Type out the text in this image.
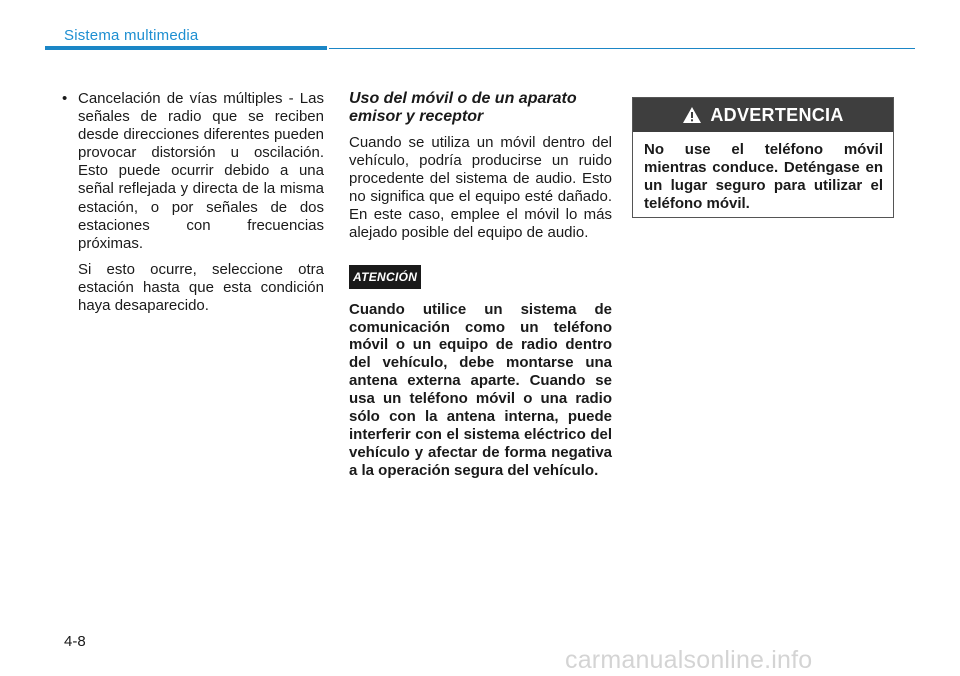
Sistema multimedia
• Cancelación de vías múltiples - Las señales de radio que se reciben desde direcciones diferentes pueden provocar distorsión u oscilación. Esto puede ocurrir debido a una señal reflejada y directa de la misma estación, o por señales de dos estaciones con frecuencias próximas.
Si esto ocurre, seleccione otra estación hasta que esta condición haya desaparecido.
Uso del móvil o de un aparato emisor y receptor

Cuando se utiliza un móvil dentro del vehículo, podría producirse un ruido procedente del sistema de audio. Esto no significa que el equipo esté dañado. En este caso, emplee el móvil lo más alejado posible del equipo de audio.

ATENCIÓN

Cuando utilice un sistema de comunicación como un teléfono móvil o un equipo de radio dentro del vehículo, debe montarse una antena externa aparte. Cuando se usa un teléfono móvil o una radio sólo con la antena interna, puede interferir con el sistema eléctrico del vehículo y afectar de forma negativa a la operación segura del vehículo.

ADVERTENCIA
No use el teléfono móvil mientras conduce. Deténgase en un lugar seguro para utilizar el teléfono móvil.
4-8
carmanualsonline.info
